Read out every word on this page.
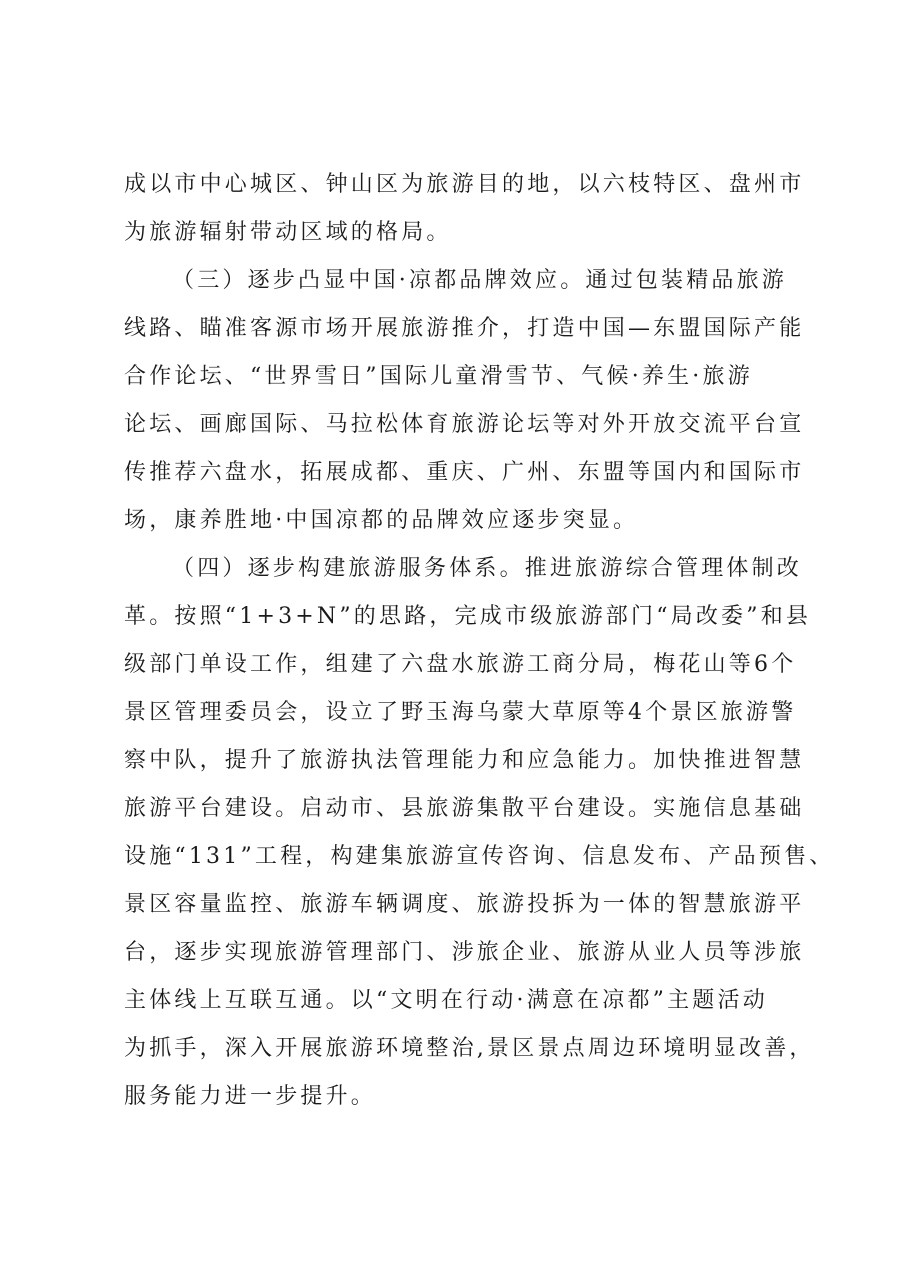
成以市中心城区、钟山区为旅游目的地，以六枝特区、盘州市
为旅游辐射带动区域的格局。
（三）逐步凸显中国·凉都品牌效应。通过包装精品旅游
线路、瞄准客源市场开展旅游推介，打造中国—东盟国际产能
合作论坛、“世界雪日”国际儿童滑雪节、气候·养生·旅游
论坛、画廊国际、马拉松体育旅游论坛等对外开放交流平台宣
传推荐六盘水，拓展成都、重庆、广州、东盟等国内和国际市
场，康养胜地·中国凉都的品牌效应逐步突显。
（四）逐步构建旅游服务体系。推进旅游综合管理体制改
革。按照“1+3+N”的思路，完成市级旅游部门“局改委”和县
级部门单设工作，组建了六盘水旅游工商分局，梅花山等6个
景区管理委员会，设立了野玉海乌蒙大草原等4个景区旅游警
察中队，提升了旅游执法管理能力和应急能力。加快推进智慧
旅游平台建设。启动市、县旅游集散平台建设。实施信息基础
设施“131”工程，构建集旅游宣传咨询、信息发布、产品预售、
景区容量监控、旅游车辆调度、旅游投拆为一体的智慧旅游平
台，逐步实现旅游管理部门、涉旅企业、旅游从业人员等涉旅
主体线上互联互通。以“文明在行动·满意在凉都”主题活动
为抓手，深入开展旅游环境整治,景区景点周边环境明显改善，
服务能力进一步提升。
